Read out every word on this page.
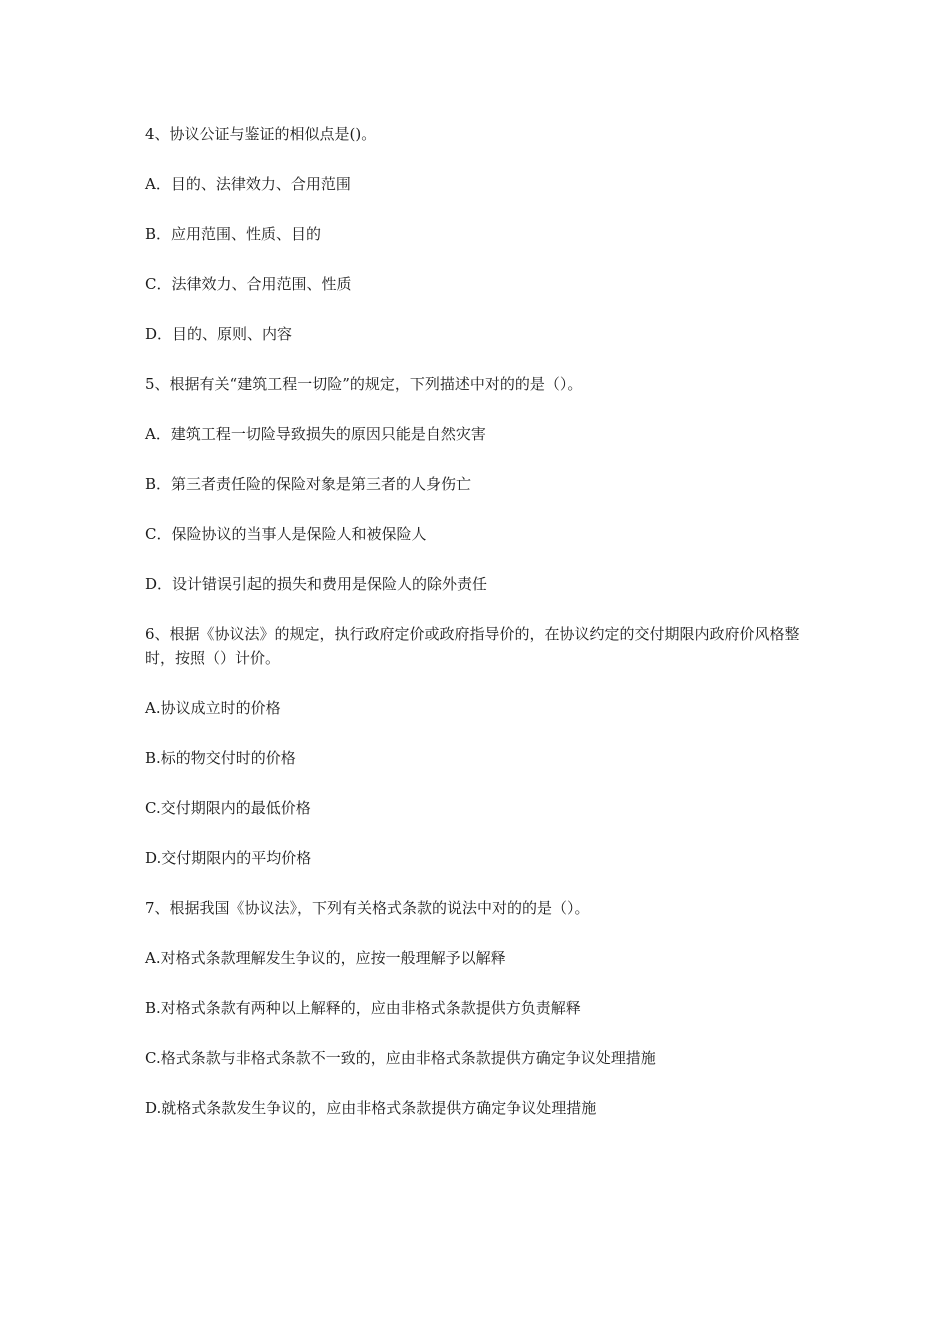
4、协议公证与鉴证的相似点是()。

A．目的、法律效力、合用范围

B．应用范围、性质、目的

C．法律效力、合用范围、性质

D．目的、原则、内容

5、根据有关“建筑工程一切险”的规定，下列描述中对的的是（）。

A．建筑工程一切险导致损失的原因只能是自然灾害

B．第三者责任险的保险对象是第三者的人身伤亡

C．保险协议的当事人是保险人和被保险人

D．设计错误引起的损失和费用是保险人的除外责任

6、根据《协议法》的规定，执行政府定价或政府指导价的，在协议约定的交付期限内政府价风格整时，按照（）计价。

A.协议成立时的价格

B.标的物交付时的价格

C.交付期限内的最低价格

D.交付期限内的平均价格

7、根据我国《协议法》，下列有关格式条款的说法中对的的是（）。

A.对格式条款理解发生争议的，应按一般理解予以解释

B.对格式条款有两种以上解释的，应由非格式条款提供方负责解释

C.格式条款与非格式条款不一致的，应由非格式条款提供方确定争议处理措施

D.就格式条款发生争议的，应由非格式条款提供方确定争议处理措施
